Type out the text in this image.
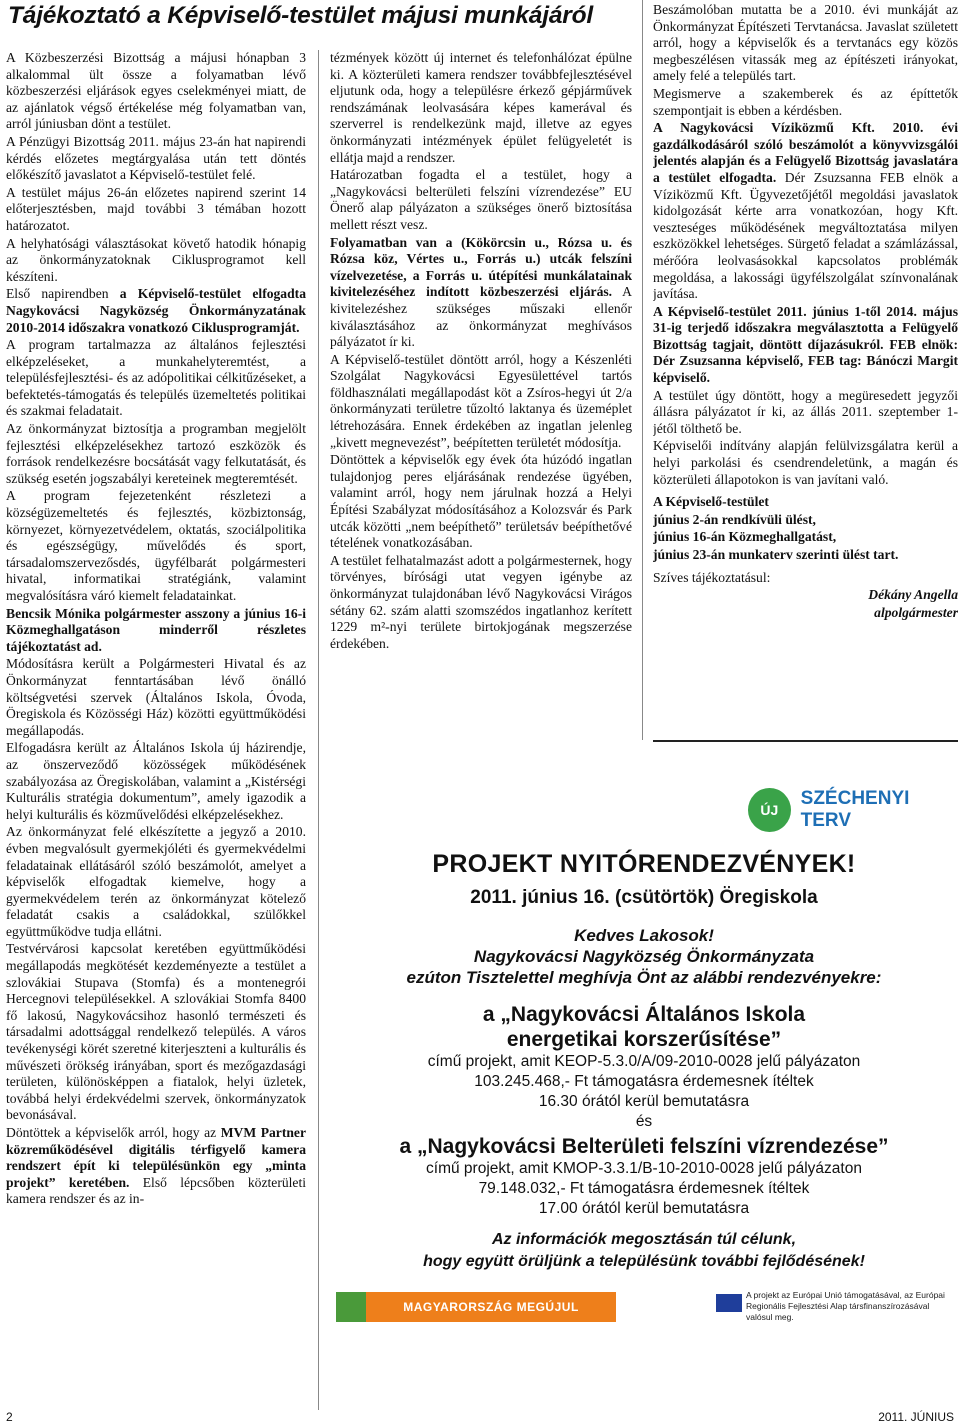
Tájékoztató a Képviselő-testület májusi munkájáról

A Közbeszerzési Bizottság a májusi hónapban 3 alkalommal ült össze a folyamatban lévő közbeszerzési eljárások egyes cselekményei miatt, de az ajánlatok végső értékelése még folyamatban van, arról júniusban dönt a testület.

A Pénzügyi Bizottság 2011. május 23-án hat napirendi kérdés előzetes megtárgyalása után tett döntés előkészítő javaslatot a Képviselő-testület felé.

A testület május 26-án előzetes napirend szerint 14 előterjesztésben, majd további 3 témában hozott határozatot.

A helyhatósági választásokat követő hatodik hónapig az önkormányzatoknak Ciklusprogramot kell készíteni.

Első napirendben a Képviselő-testület elfogadta Nagykovácsi Nagyközség Önkormányzatának 2010-2014 időszakra vonatkozó Ciklusprogramját.

A program tartalmazza az általános fejlesztési elképzeléseket, a munkahelyteremtést, a településfejlesztési- és az adópolitikai célkitűzéseket, a befektetés-támogatás és település üzemeltetés politikai és szakmai feladatait.

Az önkormányzat biztosítja a programban megjelölt fejlesztési elképzelésekhez tartozó eszközök és források rendelkezésre bocsátását vagy felkutatását, és szükség esetén jogszabályi kereteinek megteremtését.

A program fejezetenként részletezi a községüzemeltetés és fejlesztés, közbiztonság, környezet, környezetvédelem, oktatás, szociálpolitika és egészségügy, művelődés és sport, társadalomszervezősdés, ügyfélbarát polgármesteri hivatal, informatikai stratégiánk, valamint megvalósításra váró kiemelt feladatainkat.

Bencsik Mónika polgármester asszony a június 16-i Közmeghallgatáson minderről részletes tájékoztatást ad.

Módosításra került a Polgármesteri Hivatal és az Önkormányzat fenntartásában lévő önálló költségvetési szervek (Általános Iskola, Óvoda, Öregiskola és Közösségi Ház) közötti együttműködési megállapodás.

Elfogadásra került az Általános Iskola új házirendje, az önszerveződő közösségek működésének szabályozása az Öregiskolában, valamint a „Kistérségi Kulturális stratégia dokumentum”, amely igazodik a helyi kulturális és közművelődési elképzelésekhez.

Az önkormányzat felé elkészítette a jegyző a 2010. évben megvalósult gyermekjóléti és gyermekvédelmi feladatainak ellátásáról szóló beszámolót, amelyet a képviselők elfogadtak kiemelve, hogy a gyermekvédelem terén az önkormányzat kötelező feladatát csakis a családokkal, szülőkkel együttműködve tudja ellátni.

Testvérvárosi kapcsolat keretében együttműködési megállapodás megkötését kezdeményezte a testület a szlovákiai Stupava (Stomfa) és a montenegrói Hercegnovi településekkel. A szlovákiai Stomfa 8400 fő lakosú, Nagykovácsihoz hasonló természeti és társadalmi adottsággal rendelkező település. A város tevékenységi körét szeretné kiterjeszteni a kulturális és művészeti örökség irányában, sport és mezőgazdasági területen, különösképpen a fiatalok, helyi üzletek, továbbá helyi érdekvédelmi szervek, önkormányzatok bevonásával.

Döntöttek a képviselők arról, hogy az MVM Partner közreműködésével digitális térfigyelő kamera rendszert épít ki településünkön egy „minta projekt” keretében. Első lépcsőben közterületi kamera rendszer és az in-

tézmények között új internet és telefonhálózat épülne ki. A közterületi kamera rendszer továbbfejlesztésével eljutunk oda, hogy a településre érkező gépjárművek rendszámának leolvasására képes kamerával és szerverrel is rendelkezünk majd, illetve az egyes önkormányzati intézmények épület felügyeletét is ellátja majd a rendszer.

Határozatban fogadta el a testület, hogy a „Nagykovácsi belterületi felszíni vízrendezése” EU Önerő alap pályázaton a szükséges önerő biztosítása mellett részt vesz.

Folyamatban van a (Kökörcsin u., Rózsa u. és Rózsa köz, Vértes u., Forrás u.) utcák felszíni vízelvezetése, a Forrás u. útépítési munkálatainak kivitelezéséhez indított közbeszerzési eljárás. A kivitelezéshez szükséges műszaki ellenőr kiválasztásához az önkormányzat meghívásos pályázatot ír ki.

A Képviselő-testület döntött arról, hogy a Készenléti Szolgálat Nagykovácsi Egyesülettével tartós földhasználati megállapodást köt a Zsíros-hegyi út 2/a önkormányzati területre tűzoltó laktanya és üzeméplet létrehozására. Ennek érdekében az ingatlan jelenleg „kivett megnevezést”, beépítetten területét módosítja.

Döntöttek a képviselők egy évek óta húzódó ingatlan tulajdonjog peres eljárásának rendezése ügyében, valamint arról, hogy nem járulnak hozzá a Helyi Építési Szabályzat módosításához a Kolozsvár és Park utcák közötti „nem beépíthető” területsáv beépíthetővé tételének vonatkozásában.

A testület felhatalmazást adott a polgármesternek, hogy törvényes, bírósági utat vegyen igénybe az önkormányzat tulajdonában lévő Nagykovácsi Virágos sétány 62. szám alatti szomszédos ingatlanhoz kerített 1229 m²-nyi területe birtokjogának megszerzése érdekében.

Beszámolóban mutatta be a 2010. évi munkáját az Önkormányzat Építészeti Tervtanácsa. Javaslat született arról, hogy a képviselők és a tervtanács egy közös megbeszélésen vitassák meg az építészeti irányokat, amely felé a település tart.

Megismerve a szakemberek és az építtetők szempontjait is ebben a kérdésben.

A Nagykovácsi Víziközmű Kft. 2010. évi gazdálkodásáról szóló beszámolót a könyvvizsgálói jelentés alapján és a Felügyelő Bizottság javaslatára a testület elfogadta. Dér Zsuzsanna FEB elnök a Víziközmű Kft. Ügyvezetőjétől megoldási javaslatok kidolgozását kérte arra vonatkozóan, hogy Kft. veszteséges működésének megváltoztatása milyen eszközökkel lehetséges. Sürgető feladat a számlázással, mérőóra leolvasásokkal kapcsolatos problémák megoldása, a lakossági ügyfélszolgálat színvonalának javítása.

A Képviselő-testület 2011. június 1-től 2014. május 31-ig terjedő időszakra megválasztotta a Felügyelő Bizottság tagjait, döntött díjazásukról. FEB elnök: Dér Zsuzsanna képviselő, FEB tag: Bánóczi Margit képviselő.

A testület úgy döntött, hogy a megüresedett jegyzői állásra pályázatot ír ki, az állás 2011. szeptember 1-jétől tölthető be.

Képviselői indítvány alapján felülvizsgálatra kerül a helyi parkolási és csendrendeletünk, a magán és közterületi állapotokon is van javítani való.

A Képviselő-testület

június 2-án rendkívüli ülést,

június 16-án Közmeghallgatást,

június 23-án munkaterv szerinti ülést tart.

Szíves tájékoztatásul:

Dékány Angella

alpolgármester

ÚJ
SZÉCHENYI TERV
PROJEKT NYITÓRENDEZVÉNYEK!
2011. június 16. (csütörtök) Öregiskola
Kedves Lakosok!
Nagykovácsi Nagyközség Önkormányzata
ezúton Tisztelettel meghívja Önt az alábbi rendezvényekre:
a „Nagykovácsi Általános Iskola
energetikai korszerűsítése”
című projekt, amit KEOP-5.3.0/A/09-2010-0028 jelű pályázaton
103.245.468,- Ft támogatásra érdemesnek ítéltek
16.30 órától kerül bemutatásra
és
a „Nagykovácsi Belterületi felszíni vízrendezése”
című projekt, amit KMOP-3.3.1/B-10-2010-0028 jelű pályázaton
79.148.032,- Ft támogatásra érdemesnek ítéltek
17.00 órától kerül bemutatásra
Az információk megosztásán túl célunk,
hogy együtt örüljünk a településünk további fejlődésének!
MAGYARORSZÁG MEGÚJUL
A projekt az Európai Unió támogatásával, az Európai Regionális Fejlesztési Alap társfinanszírozásával valósul meg.
2	2011. JÚNIUS
